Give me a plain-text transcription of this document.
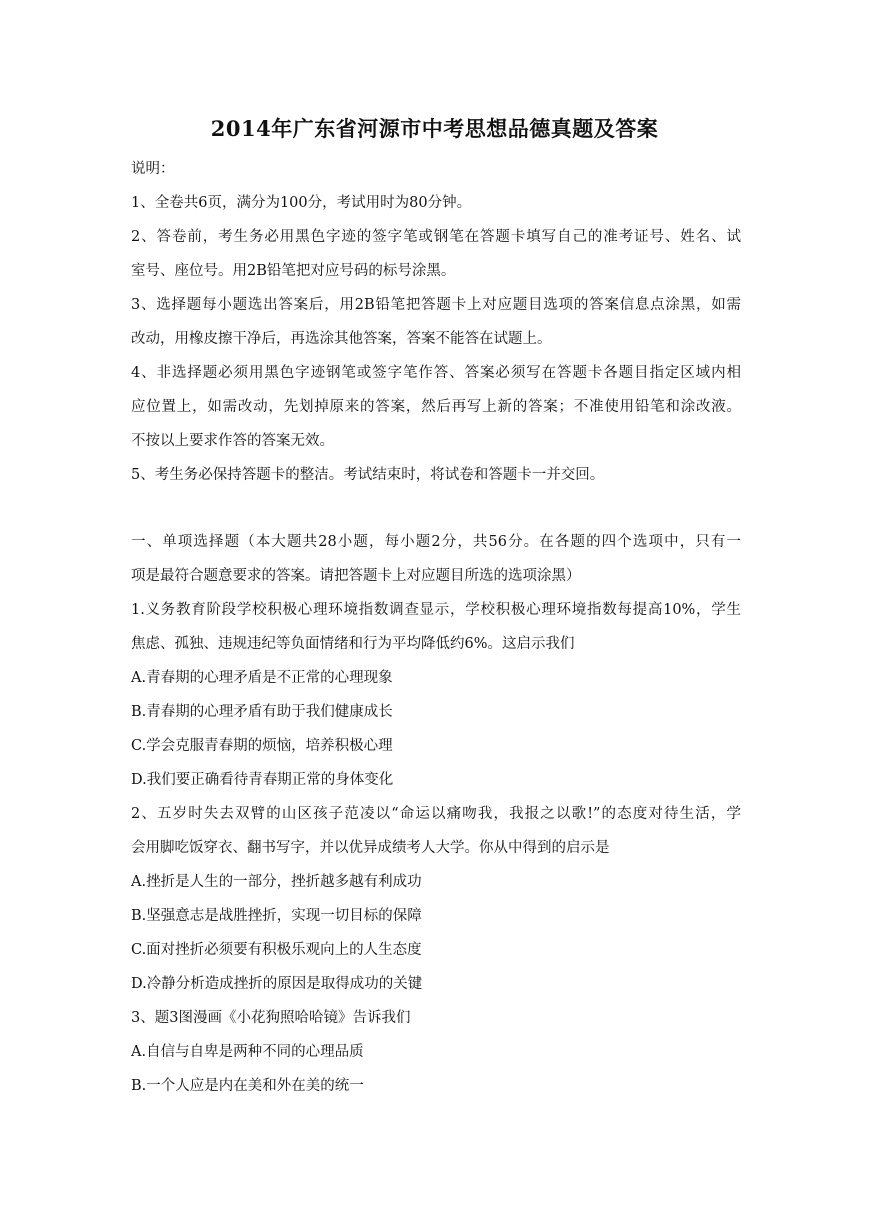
2014年广东省河源市中考思想品德真题及答案
说明：
1、全卷共6页，满分为100分，考试用时为80分钟。
2、答卷前，考生务必用黑色字迹的签字笔或钢笔在答题卡填写自己的准考证号、姓名、试
室号、座位号。用2B铅笔把对应号码的标号涂黑。
3、选择题每小题选出答案后，用2B铅笔把答题卡上对应题目选项的答案信息点涂黑，如需
改动，用橡皮擦干净后，再选涂其他答案，答案不能答在试题上。
4、非选择题必须用黑色字迹钢笔或签字笔作答、答案必须写在答题卡各题目指定区域内相
应位置上，如需改动，先划掉原来的答案，然后再写上新的答案；不准使用铅笔和涂改液。
不按以上要求作答的答案无效。
5、考生务必保持答题卡的整洁。考试结束时，将试卷和答题卡一并交回。
一、单项选择题（本大题共28小题，每小题2分，共56分。在各题的四个选项中，只有一
项是最符合题意要求的答案。请把答题卡上对应题目所选的选项涂黑）
1.义务教育阶段学校积极心理环境指数调查显示，学校积极心理环境指数每提高10%，学生
焦虑、孤独、违规违纪等负面情绪和行为平均降低约6%。这启示我们
A.青春期的心理矛盾是不正常的心理现象
B.青春期的心理矛盾有助于我们健康成长
C.学会克服青春期的烦恼，培养积极心理
D.我们要正确看待青春期正常的身体变化
2、五岁时失去双臂的山区孩子范凌以“命运以痛吻我，我报之以歌!”的态度对待生活，学
会用脚吃饭穿衣、翻书写字，并以优异成绩考人大学。你从中得到的启示是
A.挫折是人生的一部分，挫折越多越有利成功
B.坚强意志是战胜挫折，实现一切目标的保障
C.面对挫折必须要有积极乐观向上的人生态度
D.冷静分析造成挫折的原因是取得成功的关键
3、题3图漫画《小花狗照哈哈镜》告诉我们
A.自信与自卑是两种不同的心理品质
B.一个人应是内在美和外在美的统一
